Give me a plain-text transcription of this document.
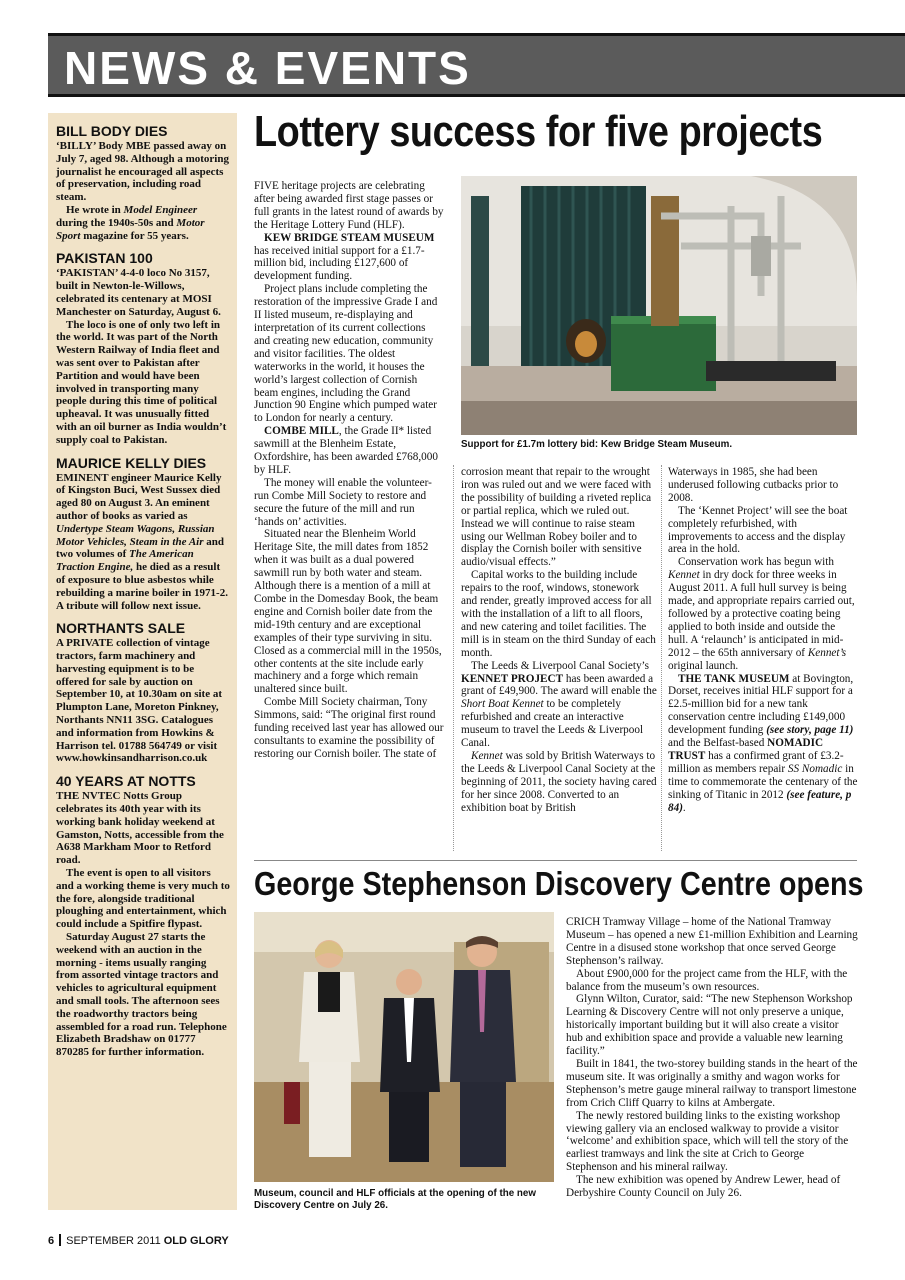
NEWS & EVENTS
BILL BODY DIES

‘BILLY’ Body MBE passed away on July 7, aged 98. Although a motoring journalist he encouraged all aspects of preservation, including road steam.

He wrote in Model Engineer during the 1940s-50s and Motor Sport magazine for 55 years.

PAKISTAN 100

‘PAKISTAN’ 4-4-0 loco No 3157, built in Newton-le-Willows, celebrated its centenary at MOSI Manchester on Saturday, August 6.

The loco is one of only two left in the world. It was part of the North Western Railway of India fleet and was sent over to Pakistan after Partition and would have been involved in transporting many people during this time of political upheaval. It was unusually fitted with an oil burner as India wouldn’t supply coal to Pakistan.

MAURICE KELLY DIES

EMINENT engineer Maurice Kelly of Kingston Buci, West Sussex died aged 80 on August 3. An eminent author of books as varied as Undertype Steam Wagons, Russian Motor Vehicles, Steam in the Air and two volumes of The American Traction Engine, he died as a result of exposure to blue asbestos while rebuilding a marine boiler in 1971-2. A tribute will follow next issue.

NORTHANTS SALE

A PRIVATE collection of vintage tractors, farm machinery and harvesting equipment is to be offered for sale by auction on September 10, at 10.30am on site at Plumpton Lane, Moreton Pinkney, Northants NN11 3SG. Catalogues and information from Howkins & Harrison tel. 01788 564749 or visit www.howkinsandharrison.co.uk

40 YEARS AT NOTTS

THE NVTEC Notts Group celebrates its 40th year with its working bank holiday weekend at Gamston, Notts, accessible from the A638 Markham Moor to Retford road.

The event is open to all visitors and a working theme is very much to the fore, alongside traditional ploughing and entertainment, which could include a Spitfire flypast.

Saturday August 27 starts the weekend with an auction in the morning - items usually ranging from assorted vintage tractors and vehicles to agricultural equipment and small tools. The afternoon sees the roadworthy tractors being assembled for a road run. Telephone Elizabeth Bradshaw on 01777 870285 for further information.

Lottery success for five projects

FIVE heritage projects are celebrating after being awarded first stage passes or full grants in the latest round of awards by the Heritage Lottery Fund (HLF).

KEW BRIDGE STEAM MUSEUM has received initial support for a £1.7-million bid, including £127,600 of development funding.

Project plans include completing the restoration of the impressive Grade I and II listed museum, re-displaying and interpretation of its current collections and creating new education, community and visitor facilities. The oldest waterworks in the world, it houses the world’s largest collection of Cornish beam engines, including the Grand Junction 90 Engine which pumped water to London for nearly a century.

COMBE MILL, the Grade II* listed sawmill at the Blenheim Estate, Oxfordshire, has been awarded £768,000 by HLF.

The money will enable the volunteer-run Combe Mill Society to restore and secure the future of the mill and run ‘hands on’ activities.

Situated near the Blenheim World Heritage Site, the mill dates from 1852 when it was built as a dual powered sawmill run by both water and steam. Although there is a mention of a mill at Combe in the Domesday Book, the beam engine and Cornish boiler date from the mid-19th century and are exceptional examples of their type surviving in situ. Closed as a commercial mill in the 1950s, other contents at the site include early machinery and a forge which remain unaltered since built.

Combe Mill Society chairman, Tony Simmons, said: “The original first round funding received last year has allowed our consultants to examine the possibility of restoring our Cornish boiler. The state of

Support for £1.7m lottery bid: Kew Bridge Steam Museum.

corrosion meant that repair to the wrought iron was ruled out and we were faced with the possibility of building a riveted replica or partial replica, which we ruled out. Instead we will continue to raise steam using our Wellman Robey boiler and to display the Cornish boiler with sensitive audio/visual effects.”

Capital works to the building include repairs to the roof, windows, stonework and render, greatly improved access for all with the installation of a lift to all floors, and new catering and toilet facilities. The mill is in steam on the third Sunday of each month.

The Leeds & Liverpool Canal Society’s KENNET PROJECT has been awarded a grant of £49,900. The award will enable the Short Boat Kennet to be completely refurbished and create an interactive museum to travel the Leeds & Liverpool Canal.

Kennet was sold by British Waterways to the Leeds & Liverpool Canal Society at the beginning of 2011, the society having cared for her since 2008. Converted to an exhibition boat by British

Waterways in 1985, she had been underused following cutbacks prior to 2008.

The ‘Kennet Project’ will see the boat completely refurbished, with improvements to access and the display area in the hold.

Conservation work has begun with Kennet in dry dock for three weeks in August 2011. A full hull survey is being made, and appropriate repairs carried out, followed by a protective coating being applied to both inside and outside the hull. A ‘relaunch’ is anticipated in mid-2012 – the 65th anniversary of Kennet’s original launch.

THE TANK MUSEUM at Bovington, Dorset, receives initial HLF support for a £2.5-million bid for a new tank conservation centre including £149,000 development funding (see story, page 11) and the Belfast-based NOMADIC TRUST has a confirmed grant of £3.2-million as members repair SS Nomadic in time to commemorate the centenary of the sinking of Titanic in 2012 (see feature, p 84).

George Stephenson Discovery Centre opens
Museum, council and HLF officials at the opening of the new Discovery Centre on July 26.

CRICH Tramway Village – home of the National Tramway Museum – has opened a new £1-million Exhibition and Learning Centre in a disused stone workshop that once served George Stephenson’s railway.

About £900,000 for the project came from the HLF, with the balance from the museum’s own resources.

Glynn Wilton, Curator, said: “The new Stephenson Workshop Learning & Discovery Centre will not only preserve a unique, historically important building but it will also create a visitor hub and exhibition space and provide a valuable new learning facility.”

Built in 1841, the two-storey building stands in the heart of the museum site. It was originally a smithy and wagon works for Stephenson’s metre gauge mineral railway to transport limestone from Crich Cliff Quarry to kilns at Ambergate.

The newly restored building links to the existing workshop viewing gallery via an enclosed walkway to provide a visitor ‘welcome’ and exhibition space, which will tell the story of the earliest tramways and link the site at Crich to George Stephenson and his mineral railway.

The new exhibition was opened by Andrew Lewer, head of Derbyshire County Council on July 26.

6 SEPTEMBER 2011 OLD GLORY
